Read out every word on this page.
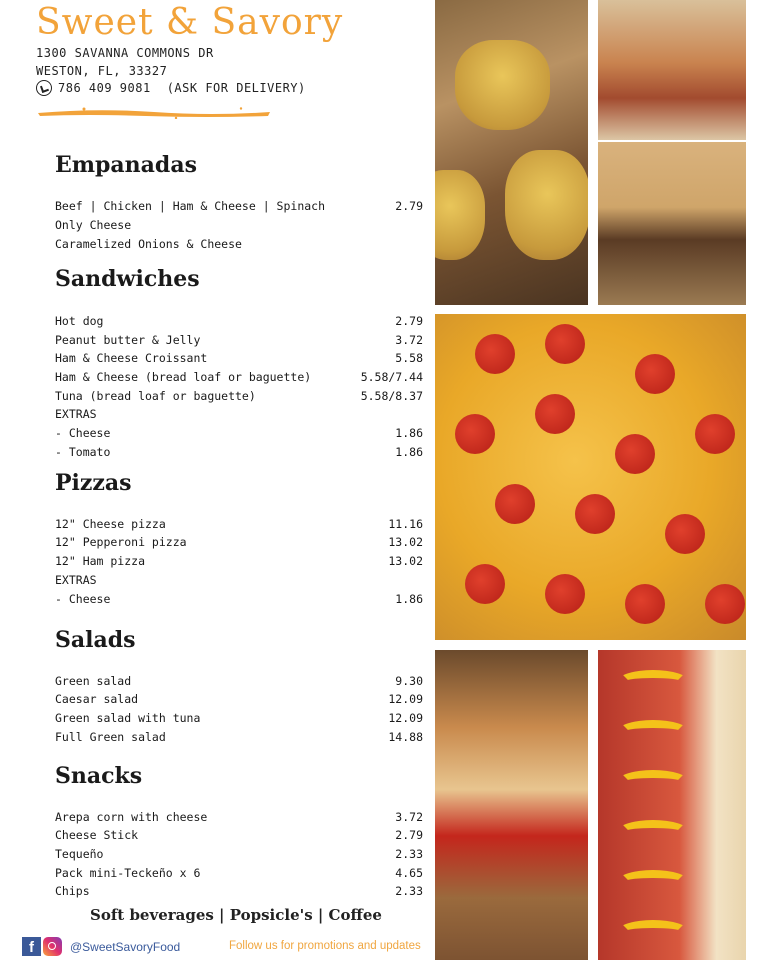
Sweet & Savory
1300 SAVANNA COMMONS DR
WESTON, FL, 33327
786 409 9081 (ASK FOR DELIVERY)
Empanadas
Beef | Chicken | Ham & Cheese | Spinach	2.79
Only Cheese
Caramelized Onions & Cheese
Sandwiches
Hot dog	2.79
Peanut butter & Jelly	3.72
Ham & Cheese Croissant	5.58
Ham & Cheese (bread loaf or baguette)	5.58/7.44
Tuna (bread loaf or baguette)	5.58/8.37
EXTRAS
- Cheese	1.86
- Tomato	1.86
Pizzas
12" Cheese pizza	11.16
12" Pepperoni pizza	13.02
12" Ham pizza	13.02
EXTRAS
- Cheese	1.86
Salads
Green salad	9.30
Caesar salad	12.09
Green salad with tuna	12.09
Full Green salad	14.88
Snacks
Arepa corn with cheese	3.72
Cheese Stick	2.79
Tequeño	2.33
Pack mini-Teckeño x 6	4.65
Chips	2.33
Soft beverages | Popsicle's | Coffee
f	@SweetSavoryFood	Follow us for promotions and updates
